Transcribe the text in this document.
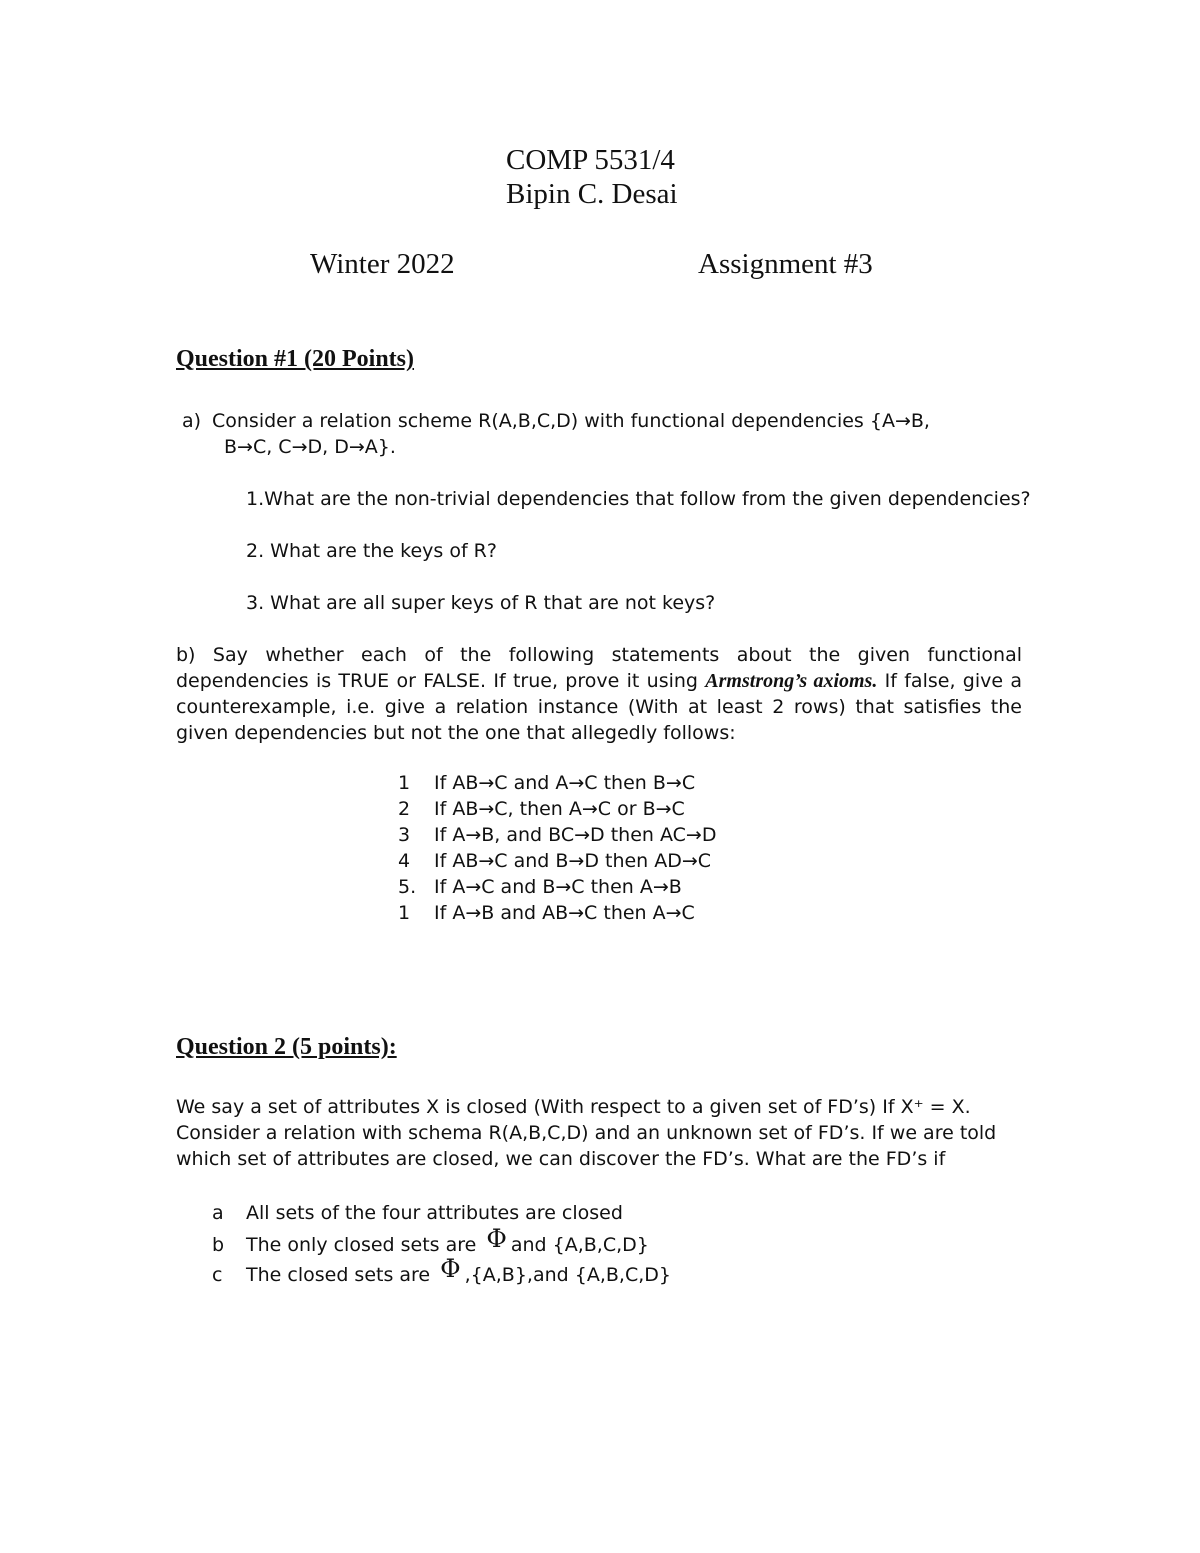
COMP 5531/4
Bipin C. Desai
Winter 2022	Assignment #3
Question #1 (20 Points)
a) Consider a relation scheme R(A,B,C,D) with functional dependencies {A→B,
B→C, C→D, D→A}.
1.What are the non-trivial dependencies that follow from the given dependencies?
2. What are the keys of R?
3. What are all super keys of R that are not keys?
b) Say whether each of the following statements about the given functional dependencies is TRUE or FALSE. If true, prove it using Armstrong’s axioms. If false, give a counterexample, i.e. give a relation instance (With at least 2 rows) that satisfies the given dependencies but not the one that allegedly follows:
1 If AB→C and A→C then B→C
2 If AB→C, then A→C or B→C
3 If A→B, and BC→D then AC→D
4 If AB→C and B→D then AD→C
5. If A→C and B→C then A→B
1 If A→B and AB→C then A→C
Question 2 (5 points):
We say a set of attributes X is closed (With respect to a given set of FD’s) If X⁺ = X.
Consider a relation with schema R(A,B,C,D) and an unknown set of FD’s. If we are told
which set of attributes are closed, we can discover the FD’s. What are the FD’s if
a All sets of the four attributes are closed
b The only closed sets are Φ and {A,B,C,D}
c The closed sets are Φ ,{A,B},and {A,B,C,D}
